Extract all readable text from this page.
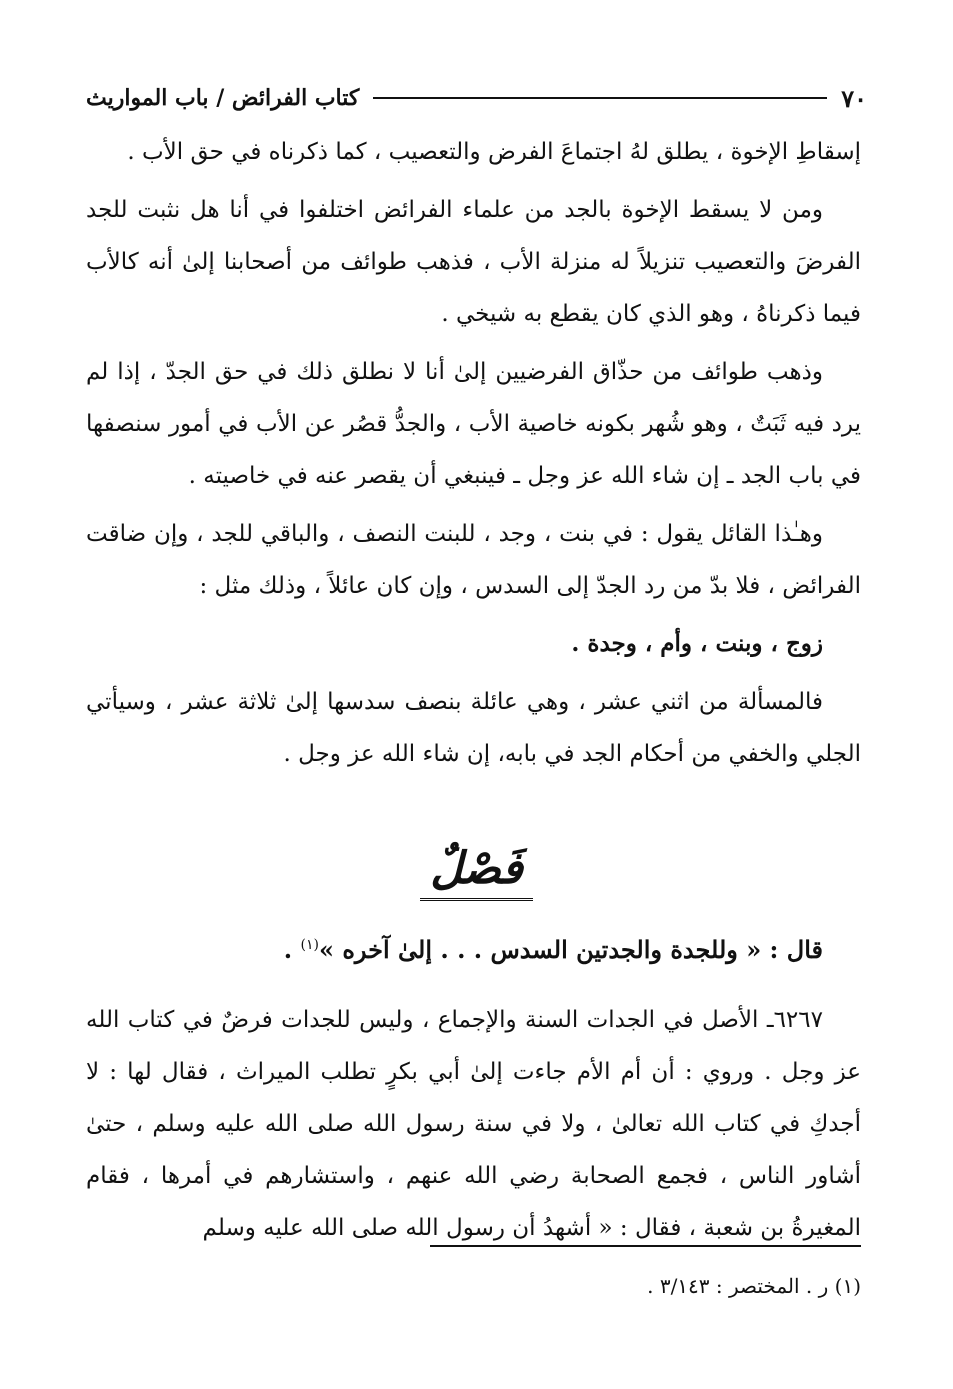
٧٠
كتاب الفرائض / باب المواريث

إسقاطِ الإخوة ، يطلق لهُ اجتماعَ الفرض والتعصيب ، كما ذكرناه في حق الأب .

ومن لا يسقط الإخوة بالجد من علماء الفرائض اختلفوا في أنا هل نثبت للجد الفرضَ والتعصيب تنزيلاً له منزلة الأب ، فذهب طوائف من أصحابنا إلىٰ أنه كالأب فيما ذكرناهُ ، وهو الذي كان يقطع به شيخي .

وذهب طوائف من حذّاق الفرضيين إلىٰ أنا لا نطلق ذلك في حق الجدّ ، إذا لم يرد فيه ثَبَتٌ ، وهو شُهر بكونه خاصية الأب ، والجدُّ قصُر عن الأب في أمور سنصفها في باب الجد ـ إن شاء الله عز وجل ـ فينبغي أن يقصر عنه في خاصيته .

وهـٰذا القائل يقول : في بنت ، وجد ، للبنت النصف ، والباقي للجد ، وإن ضاقت الفرائض ، فلا بدّ من رد الجدّ إلى السدس ، وإن كان عائلاً ، وذلك مثل :

زوج ، وبنت ، وأم ، وجدة .

فالمسألة من اثني عشر ، وهي عائلة بنصف سدسها إلىٰ ثلاثة عشر ، وسيأتي الجلي والخفي من أحكام الجد في بابه، إن شاء الله عز وجل .

فَصْلٌ
قال : « وللجدة والجدتين السدس . . . إلىٰ آخره »$^{(١)}$ .

٦٢٦٧ـ الأصل في الجدات السنة والإجماع ، وليس للجدات فرضٌ في كتاب الله عز وجل . وروي : أن أم الأم جاءت إلىٰ أبي بكرٍ تطلب الميراث ، فقال لها : لا أجدكِ في كتاب الله تعالىٰ ، ولا في سنة رسول الله صلى الله عليه وسلم ، حتىٰ أشاور الناس ، فجمع الصحابة رضي الله عنهم ، واستشارهم في أمرها ، فقام المغيرةُ بن شعبة ، فقال : « أشهدُ أن رسول الله صلى الله عليه وسلم

(١) ر . المختصر : ٣/١٤٣ .
